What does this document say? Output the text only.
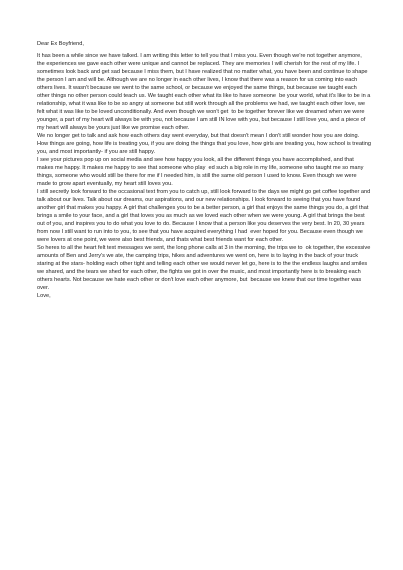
Dear Ex Boyfriend,

It has been a while since we have talked. I am writing this letter to tell you that I miss you. Even though we're not together anymore, the experiences we gave each other were unique and cannot be replaced. They are memories I will cherish for the rest of my life. I sometimes look back and get sad because I miss them, but I have realized that no matter what, you have been and continue to shape the person I am and will be. Although we are no longer in each other lives, I know that there was a reason for us coming into each others lives. It wasn't because we went to the same school, or because we enjoyed the same things, but because we taught each other things no other person could teach us. We taught each other what its like to have someone  be your world, what it's like to be in a relationship, what it was like to be so angry at someone but still work through all the problems we had, we taught each other love, we felt what it was like to be loved unconditionally. And even though we won't get  to be together forever like we dreamed when we were younger, a part of my heart will always be with you, not because I am still IN love with you, but because I still love you, and a piece of my heart will always be yours just like we promise each other.

We no longer get to talk and ask how each others day went everyday, but that doesn't mean I don't still wonder how you are doing. How things are going, how life is treating you, if you are doing the things that you love, how girls are treating you, how school is treating you, and most importantly- if you are still happy.

I see your pictures pop up on social media and see how happy you look, all the different things you have accomplished, and that makes me happy. It makes me happy to see that someone who play  ed such a big role in my life, someone who taught me so many things, someone who would still be there for me if I needed him, is still the same old person I used to know. Even though we were made to grow apart eventually, my heart still loves you.

I still secretly look forward to the occasional text from you to catch up, still look forward to the days we might go get coffee together and talk about our lives. Talk about our dreams, our aspirations, and our new relationships. I look forward to seeing that you have found another girl that makes you happy. A girl that challenges you to be a better person, a girl that enjoys the same things you do, a girl that brings a smile to your face, and a girl that loves you as much as we loved each other when we were young. A girl that brings the best out of you, and inspires you to do what you love to do. Because I know that a person like you deserves the very best. In 20, 30 years from now I still want to run into to you, to see that you have acquired everything I had  ever hoped for you. Because even though we were lovers at one point, we were also best friends, and thats what best friends want for each other.

So heres to all the heart felt text messages we sent, the long phone calls at 3 in the morning, the trips we to  ok together, the excessive amounts of Ben and Jerry's we ate, the camping trips, hikes and adventures we went on, here is to laying in the back of your truck staring at the stars- holding each other tight and telling each other we would never let go, here is to the the endless laughs and smiles we shared, and the tears we shed for each other, the fights we got in over the music, and most importantly here is to breaking each others hearts. Not because we hate each other or don't love each other anymore, but  because we knew that our time together was over.

Love,
